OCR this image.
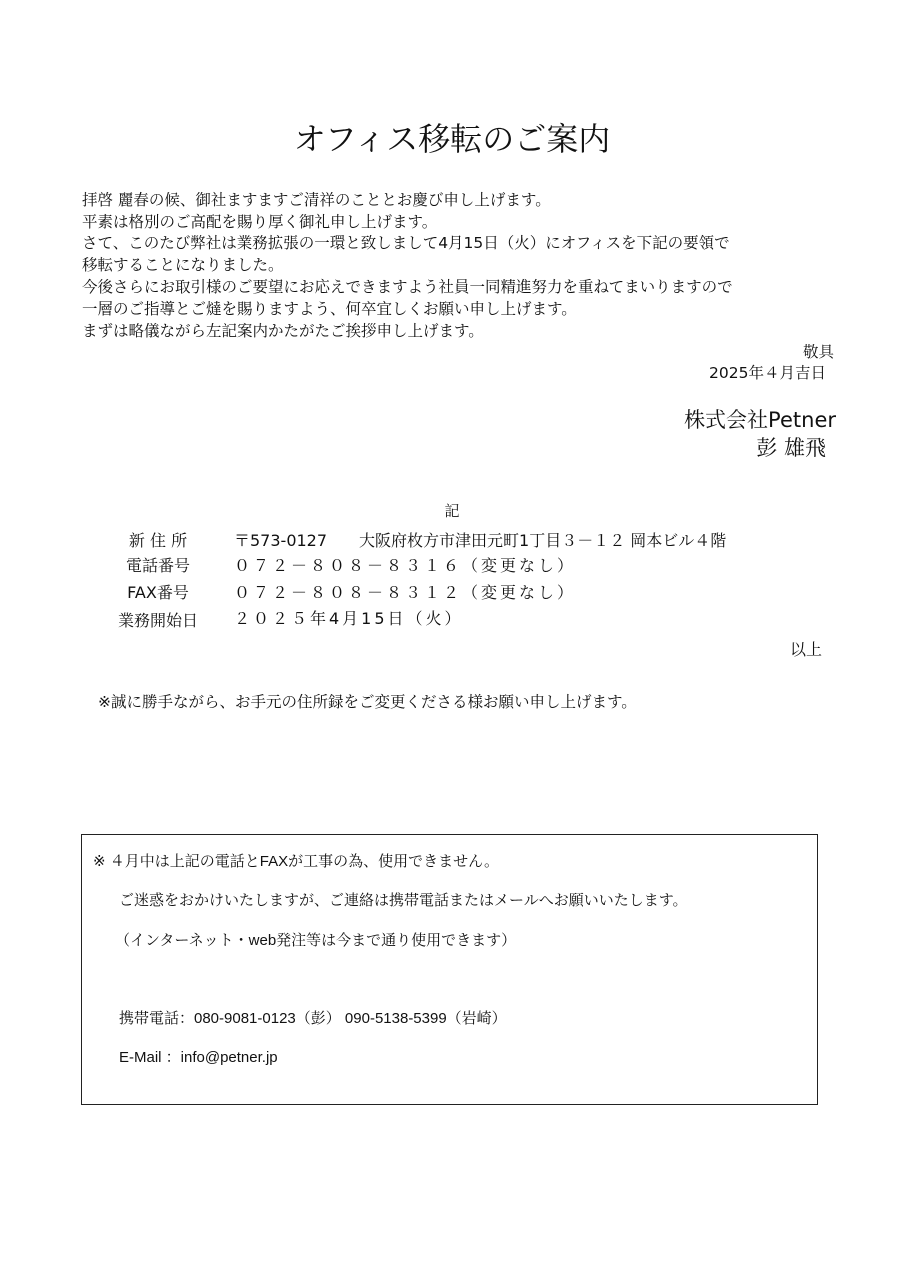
オフィス移転のご案内
拝啓 麗春の候、御社ますますご清祥のこととお慶び申し上げます。
平素は格別のご高配を賜り厚く御礼申し上げます。
さて、このたび弊社は業務拡張の一環と致しまして4月15日（火）にオフィスを下記の要領で
移転することになりました。
今後さらにお取引様のご要望にお応えできますよう社員一同精進努力を重ねてまいりますので
一層のご指導とご燵を賜りますよう、何卒宜しくお願い申し上げます。
まずは略儀ながら左記案内かたがたご挨拶申し上げます。
敬具
2025年４月吉日
株式会社Petner
彭 雄飛
記
新 住 所	〒573-0127　　大阪府枚方市津田元町1丁目３－１２ 岡本ビル４階
電話番号	０７２－８０８－８３１６（変更なし）
FAX番号	０７２－８０８－８３１２（変更なし）
業務開始日	２０２５年4月15日（火）
以上
※誠に勝手ながら、お手元の住所録をご変更くださる様お願い申し上げます。
※ ４月中は上記の電話とFAXが工事の為、使用できません。
ご迷惑をおかけいたしますが、ご連絡は携帯電話またはメールへお願いいたします。
（インターネット・web発注等は今まで通り使用できます）
携帯電話：080-9081-0123（彭） 090-5138-5399（岩崎）
E-Mail ：info@petner.jp
